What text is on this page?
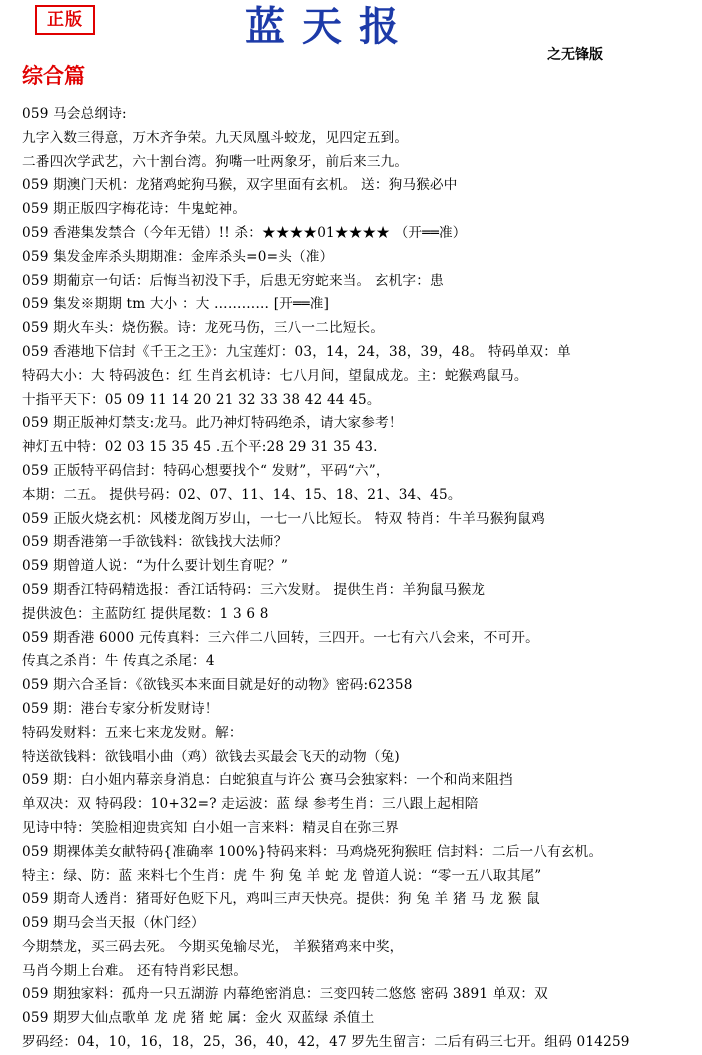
正版	蓝天报
之无锋版
综合篇
059 马会总纲诗:
九字入数三得意，万木齐争荣。九天凤凰斗蛟龙，见四定五到。
二番四次学武艺，六十割台湾。狗嘴一吐两象牙，前后来三九。
059 期澳门天机：龙猪鸡蛇狗马猴，双字里面有玄机。 送：狗马猴必中
059 期正版四字梅花诗：牛鬼蛇神。
059 香港集发禁合（今年无错）!! 杀：★★★★01★★★★ （开══准）
059 集发金库杀头期期准：金库杀头=0=头（准）
059 期葡京一句话：后悔当初没下手，后患无穷蛇来当。 玄机字：患
059 集发※期期 tm 大小 ：大 ………… [开══准]
059 期火车头：烧伤猴。诗：龙死马伤，三八一二比短长。
059 香港地下信封《千王之王》：九宝莲灯：03，14，24，38，39，48。 特码单双：单
特码大小：大 特码波色：红 生肖玄机诗：七八月间，望鼠成龙。主：蛇猴鸡鼠马。
十指平天下：05 09 11 14 20 21 32 33 38 42 44 45。
059 期正版神灯禁支:龙马。此乃神灯特码绝杀，请大家参考！
神灯五中特：02 03 15 35 45 .五个平:28 29 31 35 43.
059 正版特平码信封：特码心想要找个“ 发财”，平码“六”，
本期：二五。 提供号码：02、07、11、14、15、18、21、34、45。
059 正版火烧玄机：风楼龙阁万岁山，一七一八比短长。 特双 特肖：牛羊马猴狗鼠鸡
059 期香港第一手欲钱料：欲钱找大法师？
059 期曾道人说：“为什么要计划生育呢？”
059 期香江特码精选报：香江话特码：三六发财。 提供生肖：羊狗鼠马猴龙
提供波色：主蓝防红 提供尾数：1 3 6 8
059 期香港 6000 元传真料：三六伴二八回转，三四开。一七有六八会来，不可开。
传真之杀肖：牛 传真之杀尾：4
059 期六合圣旨：《欲钱买本来面目就是好的动物》密码:62358
059 期：港台专家分析发财诗！
特码发财料：五来七来龙发财。解：
特送欲钱料：欲钱唱小曲（鸡）欲钱去买最会飞天的动物（兔)
059 期：白小姐内幕亲身消息：白蛇狼直与许公 赛马会独家料：一个和尚来阻挡
单双决：双 特码段：10+32=? 走运波：蓝 绿 参考生肖：三八跟上起相陪
见诗中特：笑脸相迎贵宾知 白小姐一言来料：精灵自在弥三界
059 期裸体美女献特码{准确率 100%}特码来料：马鸡烧死狗猴旺 信封料：二后一八有玄机。
特主：绿、防：蓝 来料七个生肖：虎 牛 狗 兔 羊 蛇 龙 曾道人说：“零一五八取其尾”
059 期奇人透肖：猪哥好色贬下凡，鸡叫三声天快亮。提供：狗 兔 羊 猪 马 龙 猴 鼠
059 期马会当天报（休门经）
今期禁龙，买三码去死。 今期买兔输尽光， 羊猴猪鸡来中奖，
马肖今期上台难。 还有特肖彩民想。
059 期独家料：孤舟一只五湖游 内幕绝密消息：三变四转二悠悠 密码 3891 单双：双
059 期罗大仙点歌单 龙 虎 猪 蛇 属：金火 双蓝绿 杀值土
罗码经：04，10，16，18，25，36，40，42，47 罗先生留言：二后有码三七开。组码 014259
